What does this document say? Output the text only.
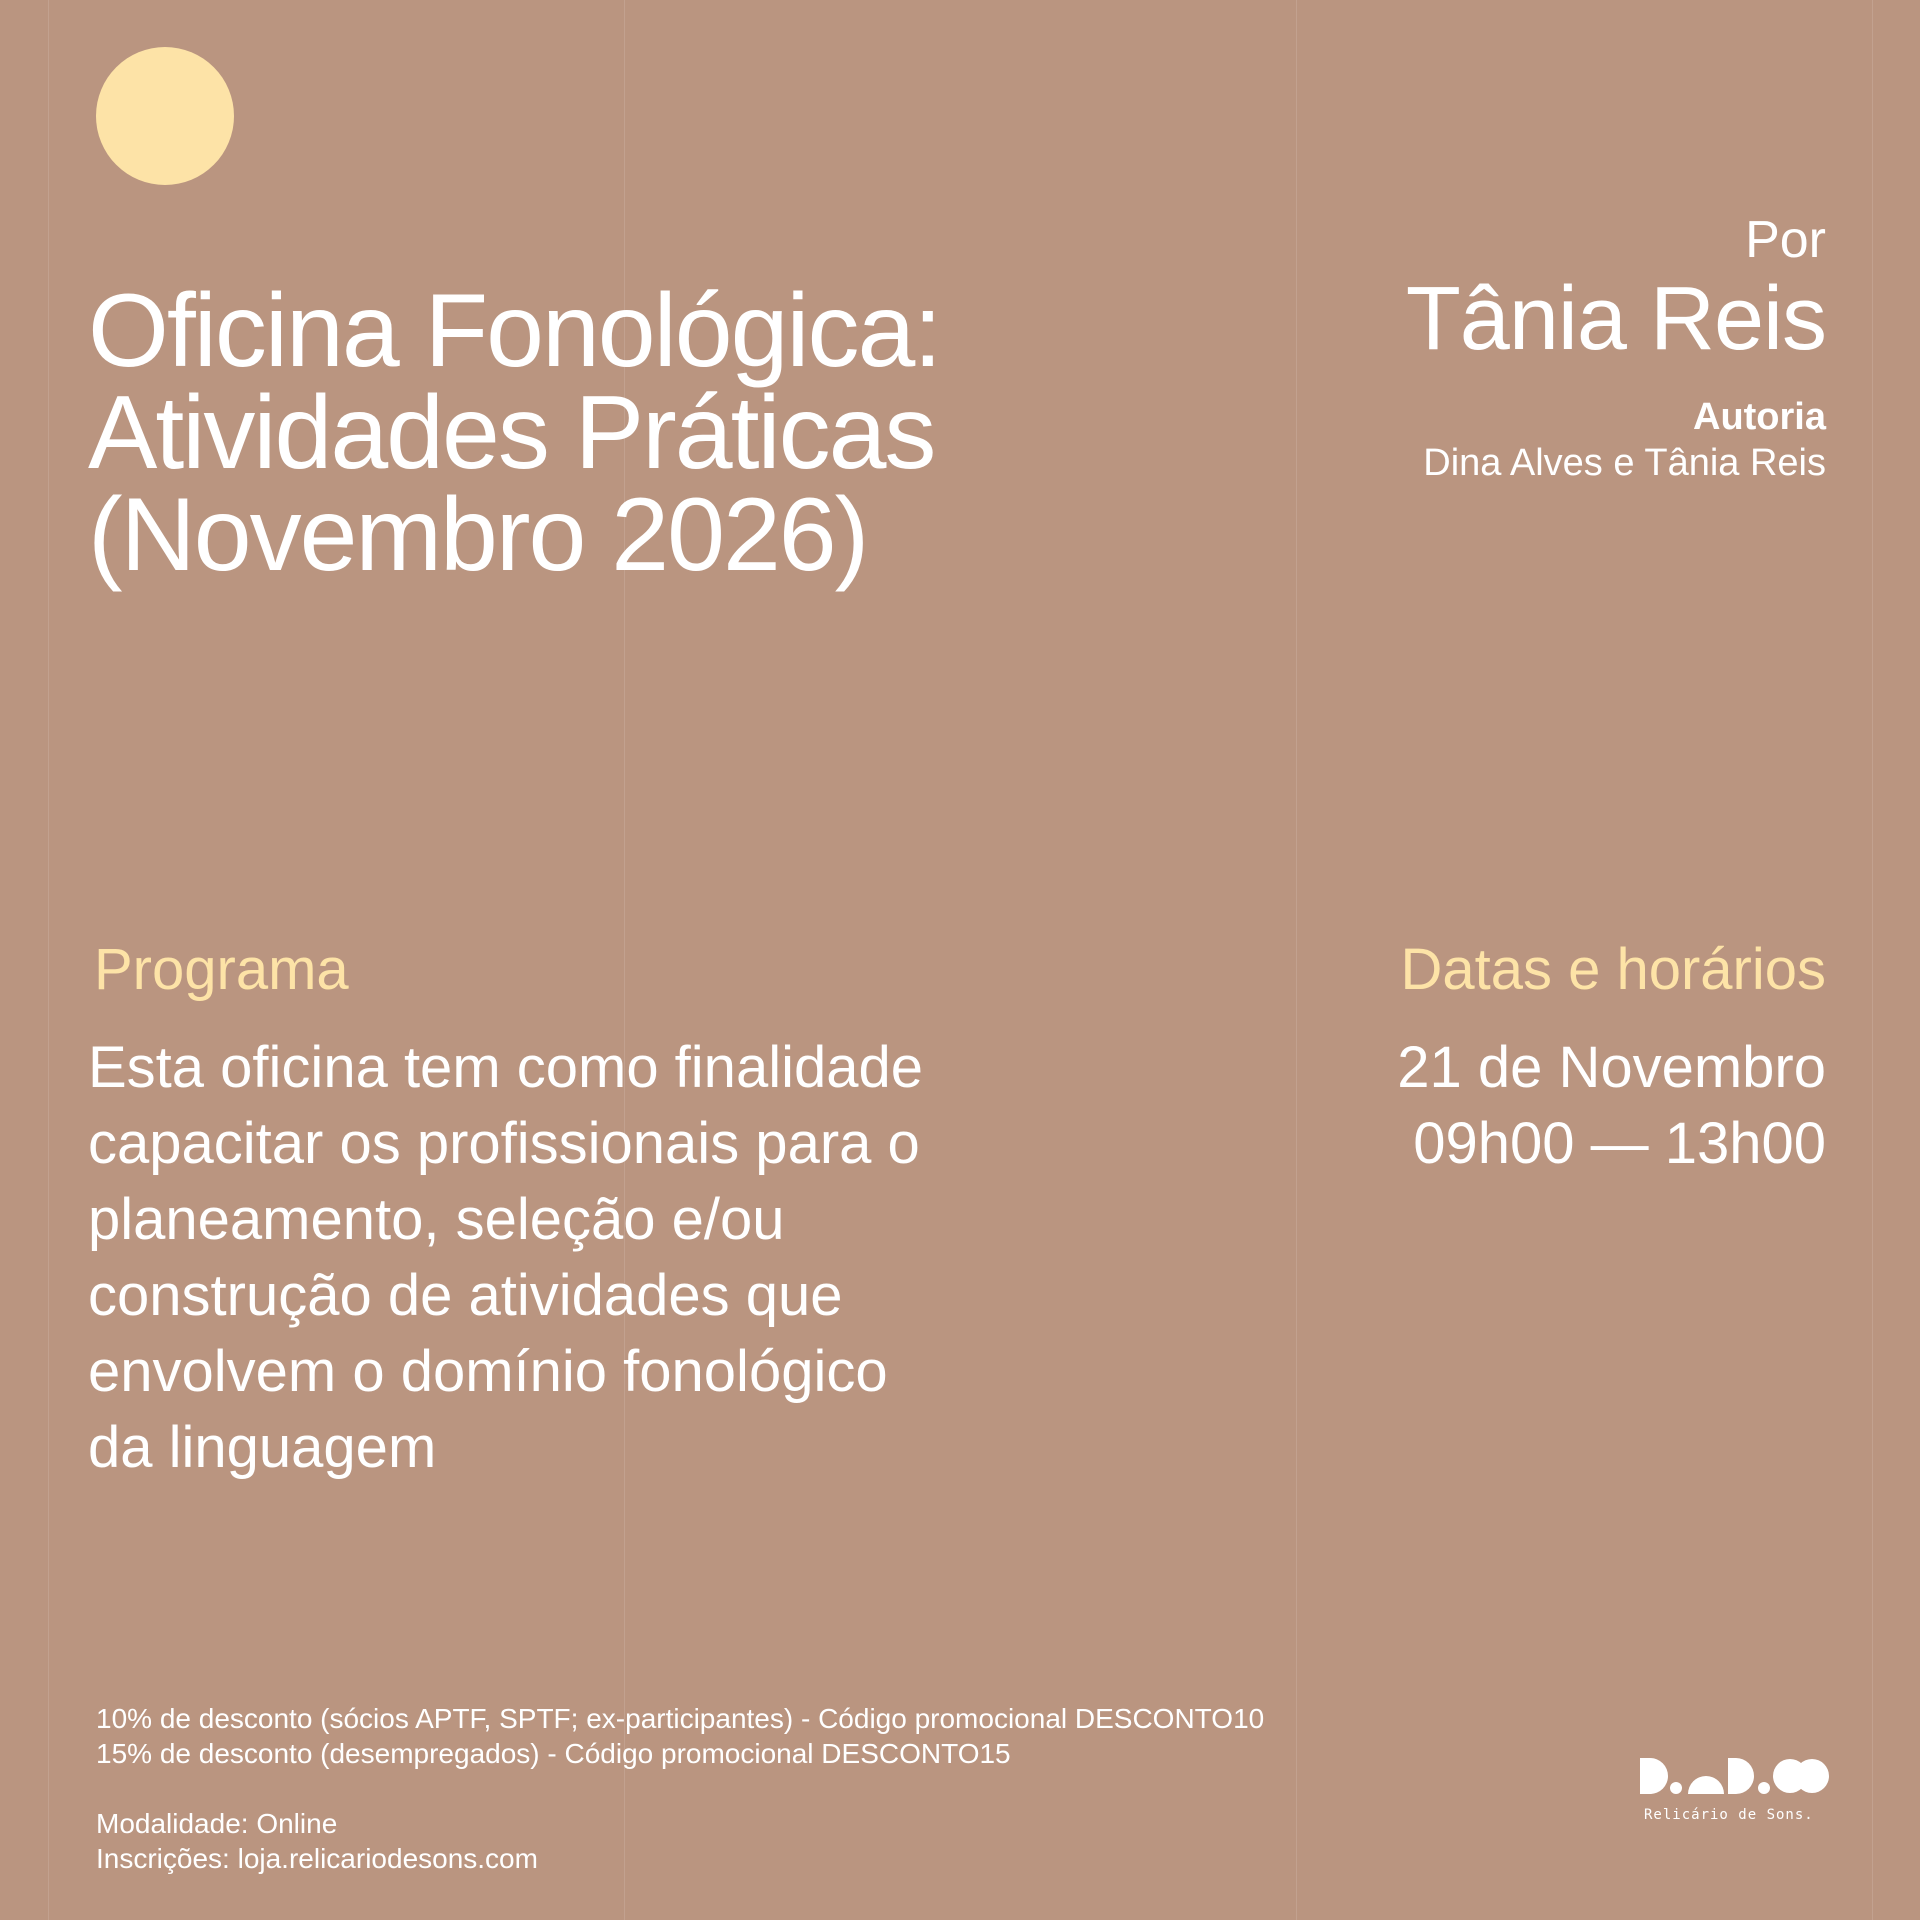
Oficina Fonológica:
Atividades Práticas
(Novembro 2026)
Por
Tânia Reis
Autoria
Dina Alves e Tânia Reis
Programa	Datas e horários
Esta oficina tem como finalidade
capacitar os profissionais para o
planeamento, seleção e/ou
construção de atividades que
envolvem o domínio fonológico
da linguagem
21 de Novembro
09h00 — 13h00
10% de desconto (sócios APTF, SPTF; ex-participantes) - Código promocional DESCONTO10
15% de desconto (desempregados) - Código promocional DESCONTO15
Modalidade: Online
Inscrições: loja.relicariodesons.com
Relicário de Sons.
